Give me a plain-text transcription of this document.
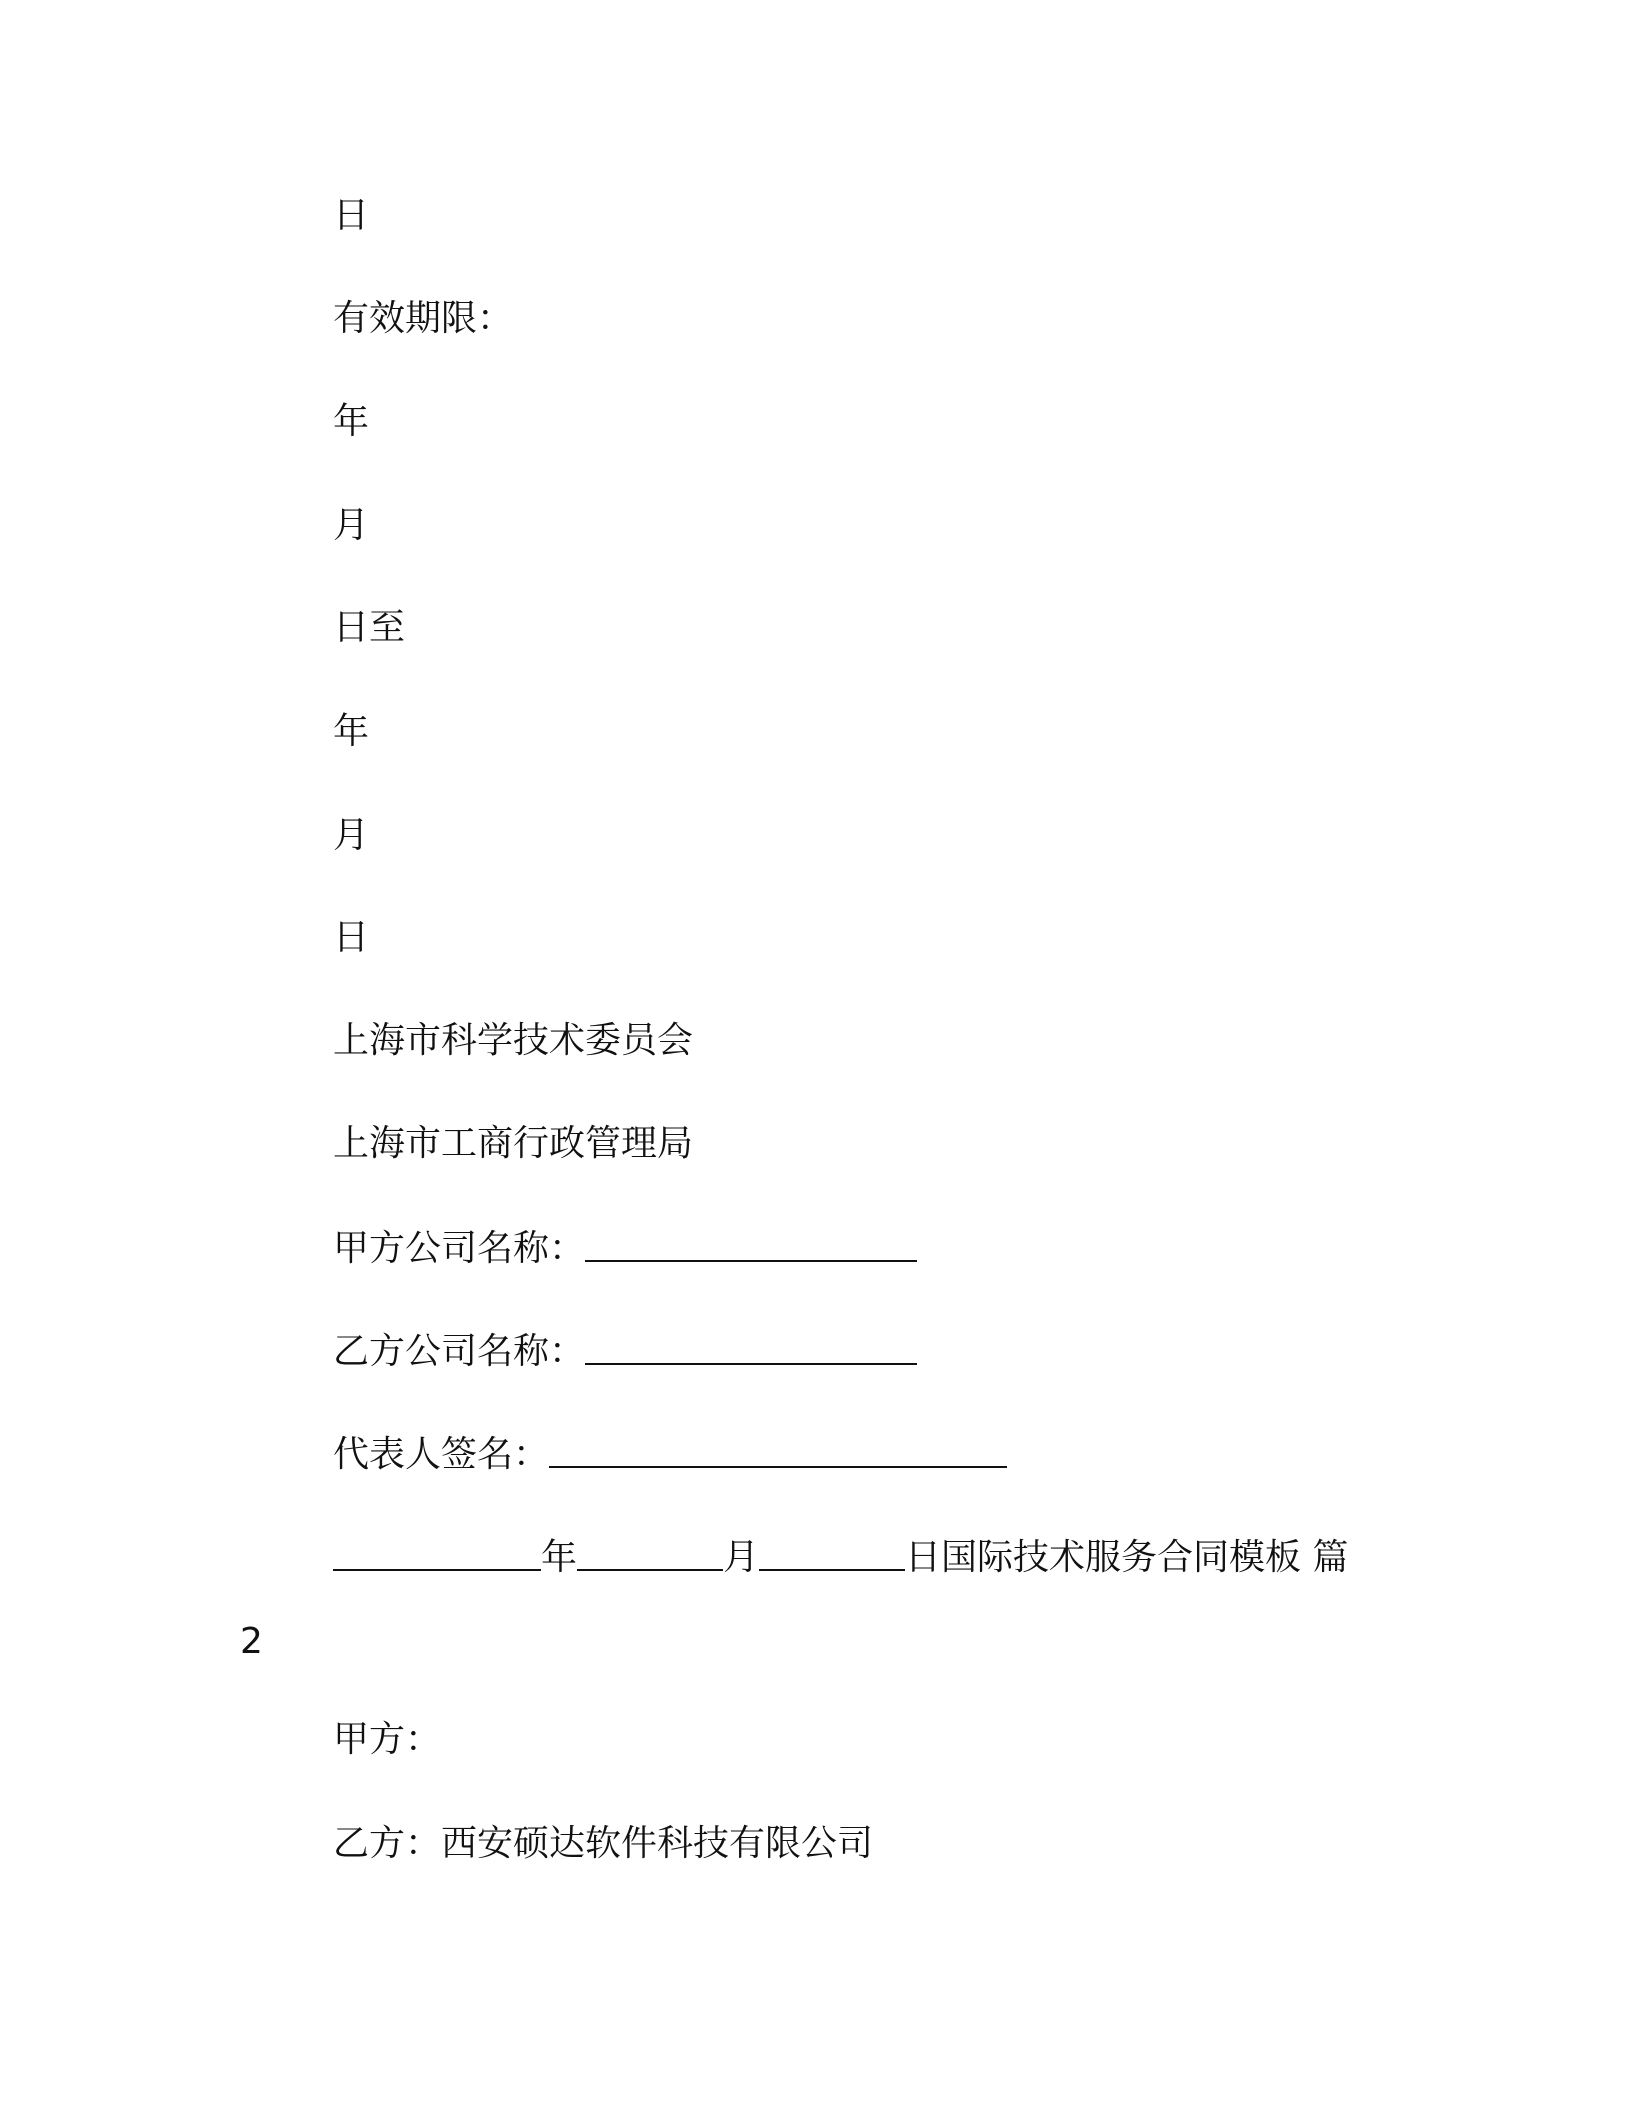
日
有效期限：
年
月
日至
年
月
日
上海市科学技术委员会
上海市工商行政管理局
甲方公司名称：
乙方公司名称：
代表人签名：
年	月	日国际技术服务合同模板 篇
2
甲方：
乙方：西安硕达软件科技有限公司
